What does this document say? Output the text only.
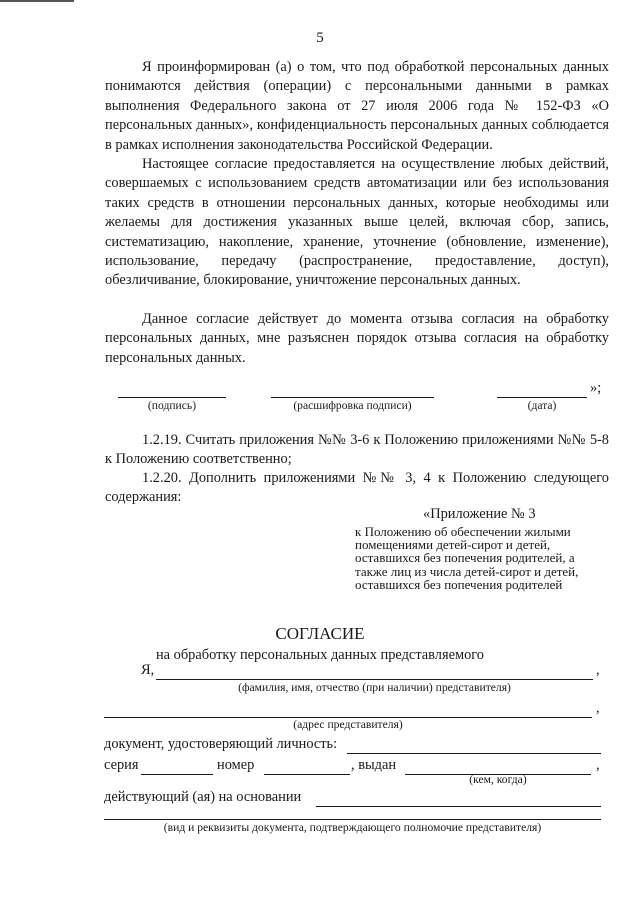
5

Я проинформирован (а) о том, что под обработкой персональных данных понимаются действия (операции) с персональными данными в рамках выполнения Федерального закона от 27 июля 2006 года № 152-ФЗ «О персональных данных», конфиденциальность персональных данных соблюдается в рамках исполнения законодательства Российской Федерации.

Настоящее согласие предоставляется на осуществление любых действий, совершаемых с использованием средств автоматизации или без использования таких средств в отношении персональных данных, которые необходимы или желаемы для достижения указанных выше целей, включая сбор, запись, систематизацию, накопление, хранение, уточнение (обновление, изменение), использование, передачу (распространение, предоставление, доступ), обезличивание, блокирование, уничтожение персональных данных.

Данное согласие действует до момента отзыва согласия на обработку персональных данных, мне разъяснен порядок отзыва согласия на обработку персональных данных.

»;
(подпись)	(расшифровка подписи)	(дата)

1.2.19. Считать приложения №№ 3-6 к Положению приложениями №№ 5-8 к Положению соответственно;

1.2.20. Дополнить приложениями №№ 3, 4 к Положению следующего содержания:

«Приложение № 3
к Положению об обеспечении жилыми помещениями детей-сирот и детей, оставшихся без попечения родителей, а также лиц из числа детей-сирот и детей, оставшихся без попечения родителей
СОГЛАСИЕ
на обработку персональных данных представляемого
Я,	,
(фамилия, имя, отчество (при наличии) представителя)
,
(адрес представителя)
документ, удостоверяющий личность:
серия	номер	, выдан	,
(кем, когда)
действующий (ая) на основании
(вид и реквизиты документа, подтверждающего полномочие представителя)
